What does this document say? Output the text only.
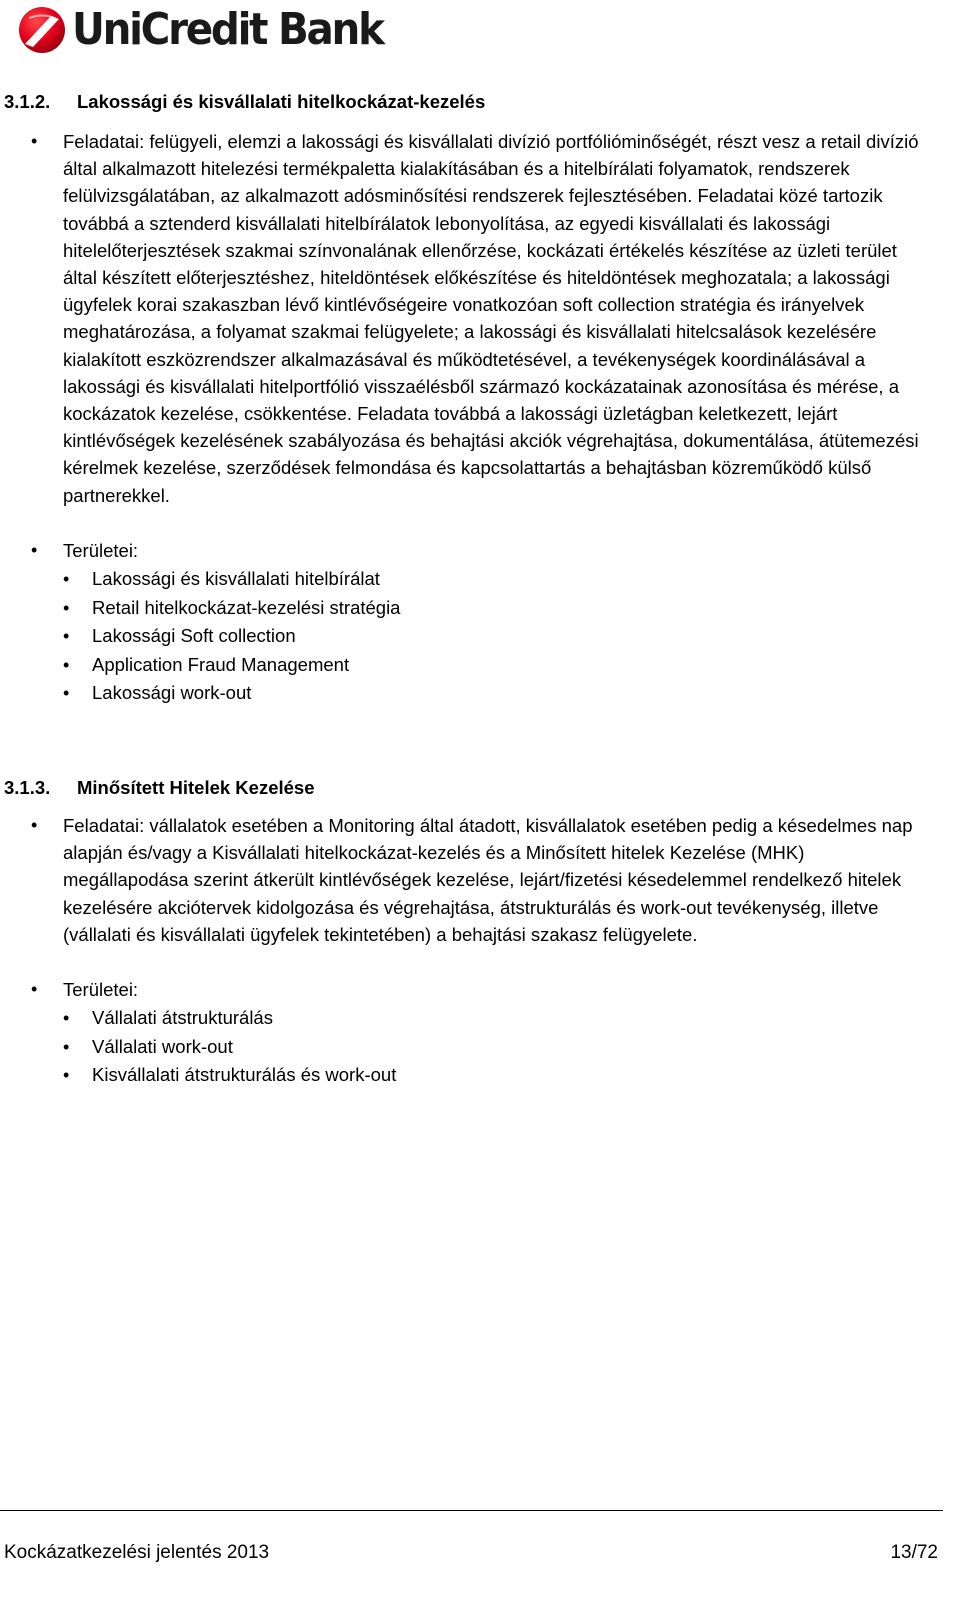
UniCredit Bank
3.1.2. Lakossági és kisvállalati hitelkockázat-kezelés
• Feladatai: felügyeli, elemzi a lakossági és kisvállalati divízió portfólióminőségét, részt vesz a retail divízió által alkalmazott hitelezési termékpaletta kialakításában és a hitelbírálati folyamatok, rendszerek felülvizsgálatában, az alkalmazott adósminősítési rendszerek fejlesztésében. Feladatai közé tartozik továbbá a sztenderd kisvállalati hitelbírálatok lebonyolítása, az egyedi kisvállalati és lakossági hitelelőterjesztések szakmai színvonalának ellenőrzése, kockázati értékelés készítése az üzleti terület által készített előterjesztéshez, hiteldöntések előkészítése és hiteldöntések meghozatala; a lakossági ügyfelek korai szakaszban lévő kintlévőségeire vonatkozóan soft collection stratégia és irányelvek meghatározása, a folyamat szakmai felügyelete; a lakossági és kisvállalati hitelcsalások kezelésére kialakított eszközrendszer alkalmazásával és működtetésével, a tevékenységek koordinálásával a lakossági és kisvállalati hitelportfólió visszaélésből származó kockázatainak azonosítása és mérése, a kockázatok kezelése, csökkentése. Feladata továbbá a lakossági üzletágban keletkezett, lejárt kintlévőségek kezelésének szabályozása és behajtási akciók végrehajtása, dokumentálása, átütemezési kérelmek kezelése, szerződések felmondása és kapcsolattartás a behajtásban közreműködő külső partnerekkel.
• Területei:
• Lakossági és kisvállalati hitelbírálat
• Retail hitelkockázat-kezelési stratégia
• Lakossági Soft collection
• Application Fraud Management
• Lakossági work-out
3.1.3. Minősített Hitelek Kezelése
• Feladatai: vállalatok esetében a Monitoring által átadott, kisvállalatok esetében pedig a késedelmes nap alapján és/vagy a Kisvállalati hitelkockázat-kezelés és a Minősített hitelek Kezelése (MHK) megállapodása szerint átkerült kintlévőségek kezelése, lejárt/fizetési késedelemmel rendelkező hitelek kezelésére akciótervek kidolgozása és végrehajtása, átstrukturálás és work-out tevékenység, illetve (vállalati és kisvállalati ügyfelek tekintetében) a behajtási szakasz felügyelete.
• Területei:
• Vállalati átstrukturálás
• Vállalati work-out
• Kisvállalati átstrukturálás és work-out
Kockázatkezelési jelentés 2013	13/72
